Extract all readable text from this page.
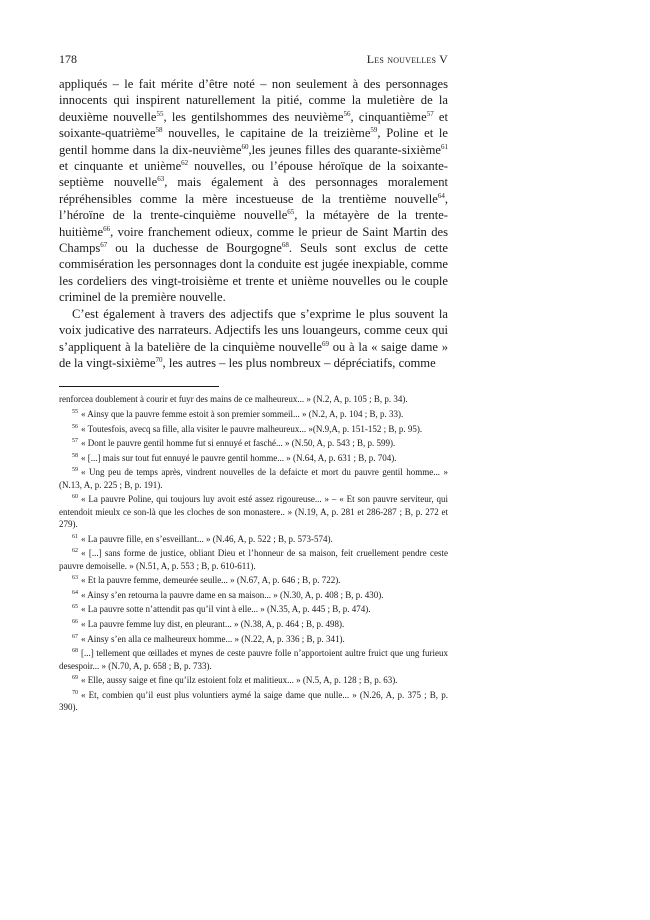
178	Les nouvelles V

appliqués – le fait mérite d’être noté – non seulement à des personnages innocents qui inspirent naturellement la pitié, comme la muletière de la deuxième nouvelle$^{55}$, les gentilshommes des neuvième$^{56}$, cinquantième$^{57}$ et soixante-quatrième$^{58}$ nouvelles, le capitaine de la treizième$^{59}$, Poline et le gentil homme dans la dix-neuvième$^{60}$,les jeunes filles des quarante-sixième$^{61}$ et cinquante et unième$^{62}$ nouvelles, ou l’épouse héroïque de la soixante-septième nouvelle$^{63}$, mais également à des personnages moralement répréhensibles comme la mère incestueuse de la trentième nouvelle$^{64}$, l’héroïne de la trente-cinquième nouvelle$^{65}$, la métayère de la trente-huitième$^{66}$, voire franchement odieux, comme le prieur de Saint Martin des Champs$^{67}$ ou la duchesse de Bourgogne$^{68}$. Seuls sont exclus de cette commisération les personnages dont la conduite est jugée inexpiable, comme les cordeliers des vingt-troisième et trente et unième nouvelles ou le couple criminel de la première nouvelle.

C’est également à travers des adjectifs que s’exprime le plus souvent la voix judicative des narrateurs. Adjectifs les uns louangeurs, comme ceux qui s’appliquent à la batelière de la cinquième nouvelle$^{69}$ ou à la « saige dame » de la vingt-sixième$^{70}$, les autres – les plus nombreux – dépréciatifs, comme

renforcea doublement à courir et fuyr des mains de ce malheureux... » (N.2, A, p. 105 ; B, p. 34).
$^{55}$ « Ainsy que la pauvre femme estoit à son premier sommeil... » (N.2, A, p. 104 ; B, p. 33).
$^{56}$ « Toutesfois, avecq sa fille, alla visiter le pauvre malheureux... »(N.9,A, p. 151-152 ; B, p. 95).
$^{57}$ « Dont le pauvre gentil homme fut si ennuyé et fasché... » (N.50, A, p. 543 ; B, p. 599).
$^{58}$ « [...] mais sur tout fut ennuyé le pauvre gentil homme... » (N.64, A, p. 631 ; B, p. 704).
$^{59}$ « Ung peu de temps après, vindrent nouvelles de la defaicte et mort du pauvre gentil homme... » (N.13, A, p. 225 ; B, p. 191).
$^{60}$ « La pauvre Poline, qui toujours luy avoit esté assez rigoureuse... » – « Et son pauvre serviteur, qui entendoit mieulx ce son-là que les cloches de son monastere.. » (N.19, A, p. 281 et 286-287 ; B, p. 272 et 279).
$^{61}$ « La pauvre fille, en s’esveillant... » (N.46, A, p. 522 ; B, p. 573-574).
$^{62}$ « [...] sans forme de justice, obliant Dieu et l’honneur de sa maison, feit cruellement pendre ceste pauvre demoiselle. » (N.51, A, p. 553 ; B, p. 610-611).
$^{63}$ « Et la pauvre femme, demeurée seulle... » (N.67, A, p. 646 ; B, p. 722).
$^{64}$ « Ainsy s’en retourna la pauvre dame en sa maison... » (N.30, A, p. 408 ; B, p. 430).
$^{65}$ « La pauvre sotte n’attendit pas qu’il vint à elle... » (N.35, A, p. 445 ; B, p. 474).
$^{66}$ « La pauvre femme luy dist, en pleurant... » (N.38, A, p. 464 ; B, p. 498).
$^{67}$ « Ainsy s’en alla ce malheureux homme... » (N.22, A, p. 336 ; B, p. 341).
$^{68}$ [...] tellement que œillades et mynes de ceste pauvre folle n’apportoient aultre fruict que ung furieux desespoir... » (N.70, A, p. 658 ; B, p. 733).
$^{69}$ « Elle, aussy saige et fine qu’ilz estoient folz et malitieux... » (N.5, A, p. 128 ; B, p. 63).
$^{70}$ « Et, combien qu’il eust plus voluntiers aymé la saige dame que nulle... » (N.26, A, p. 375 ; B, p. 390).
